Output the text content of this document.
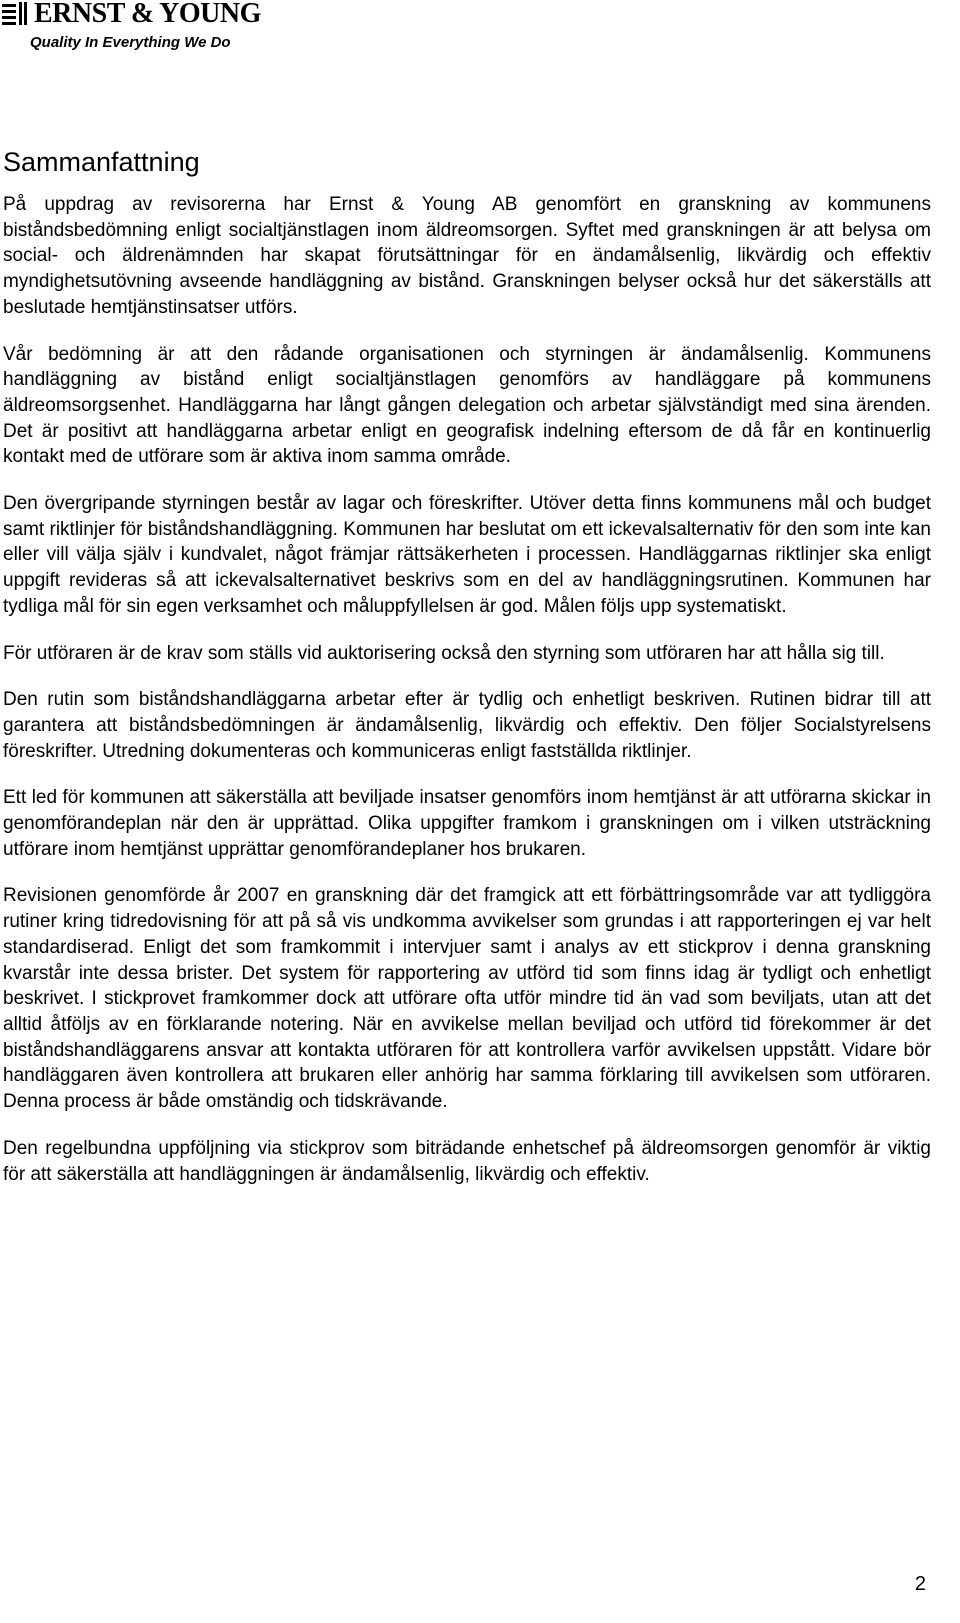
ERNST & YOUNG
Quality In Everything We Do
Sammanfattning

På uppdrag av revisorerna har Ernst & Young AB genomfört en granskning av kommunens biståndsbedömning enligt socialtjänstlagen inom äldreomsorgen. Syftet med granskningen är att belysa om social- och äldrenämnden har skapat förutsättningar för en ändamålsenlig, likvärdig och effektiv myndighetsutövning avseende handläggning av bistånd. Granskningen belyser också hur det säkerställs att beslutade hemtjänstinsatser utförs.

Vår bedömning är att den rådande organisationen och styrningen är ändamålsenlig. Kommunens handläggning av bistånd enligt socialtjänstlagen genomförs av handläggare på kommunens äldreomsorgsenhet. Handläggarna har långt gången delegation och arbetar självständigt med sina ärenden. Det är positivt att handläggarna arbetar enligt en geografisk indelning eftersom de då får en kontinuerlig kontakt med de utförare som är aktiva inom samma område.

Den övergripande styrningen består av lagar och föreskrifter. Utöver detta finns kommunens mål och budget samt riktlinjer för biståndshandläggning. Kommunen har beslutat om ett ickevalsalternativ för den som inte kan eller vill välja själv i kundvalet, något främjar rättsäkerheten i processen. Handläggarnas riktlinjer ska enligt uppgift revideras så att ickevalsalternativet beskrivs som en del av handläggningsrutinen. Kommunen har tydliga mål för sin egen verksamhet och måluppfyllelsen är god. Målen följs upp systematiskt.

För utföraren är de krav som ställs vid auktorisering också den styrning som utföraren har att hålla sig till.

Den rutin som biståndshandläggarna arbetar efter är tydlig och enhetligt beskriven. Rutinen bidrar till att garantera att biståndsbedömningen är ändamålsenlig, likvärdig och effektiv. Den följer Socialstyrelsens föreskrifter. Utredning dokumenteras och kommuniceras enligt fastställda riktlinjer.

Ett led för kommunen att säkerställa att beviljade insatser genomförs inom hemtjänst är att utförarna skickar in genomförandeplan när den är upprättad. Olika uppgifter framkom i granskningen om i vilken utsträckning utförare inom hemtjänst upprättar genomförandeplaner hos brukaren.

Revisionen genomförde år 2007 en granskning där det framgick att ett förbättringsområde var att tydliggöra rutiner kring tidredovisning för att på så vis undkomma avvikelser som grundas i att rapporteringen ej var helt standardiserad. Enligt det som framkommit i intervjuer samt i analys av ett stickprov i denna granskning kvarstår inte dessa brister. Det system för rapportering av utförd tid som finns idag är tydligt och enhetligt beskrivet. I stickprovet framkommer dock att utförare ofta utför mindre tid än vad som beviljats, utan att det alltid åtföljs av en förklarande notering. När en avvikelse mellan beviljad och utförd tid förekommer är det biståndshandläggarens ansvar att kontakta utföraren för att kontrollera varför avvikelsen uppstått. Vidare bör handläggaren även kontrollera att brukaren eller anhörig har samma förklaring till avvikelsen som utföraren. Denna process är både omständig och tidskrävande.

Den regelbundna uppföljning via stickprov som biträdande enhetschef på äldreomsorgen genomför är viktig för att säkerställa att handläggningen är ändamålsenlig, likvärdig och effektiv.

2
